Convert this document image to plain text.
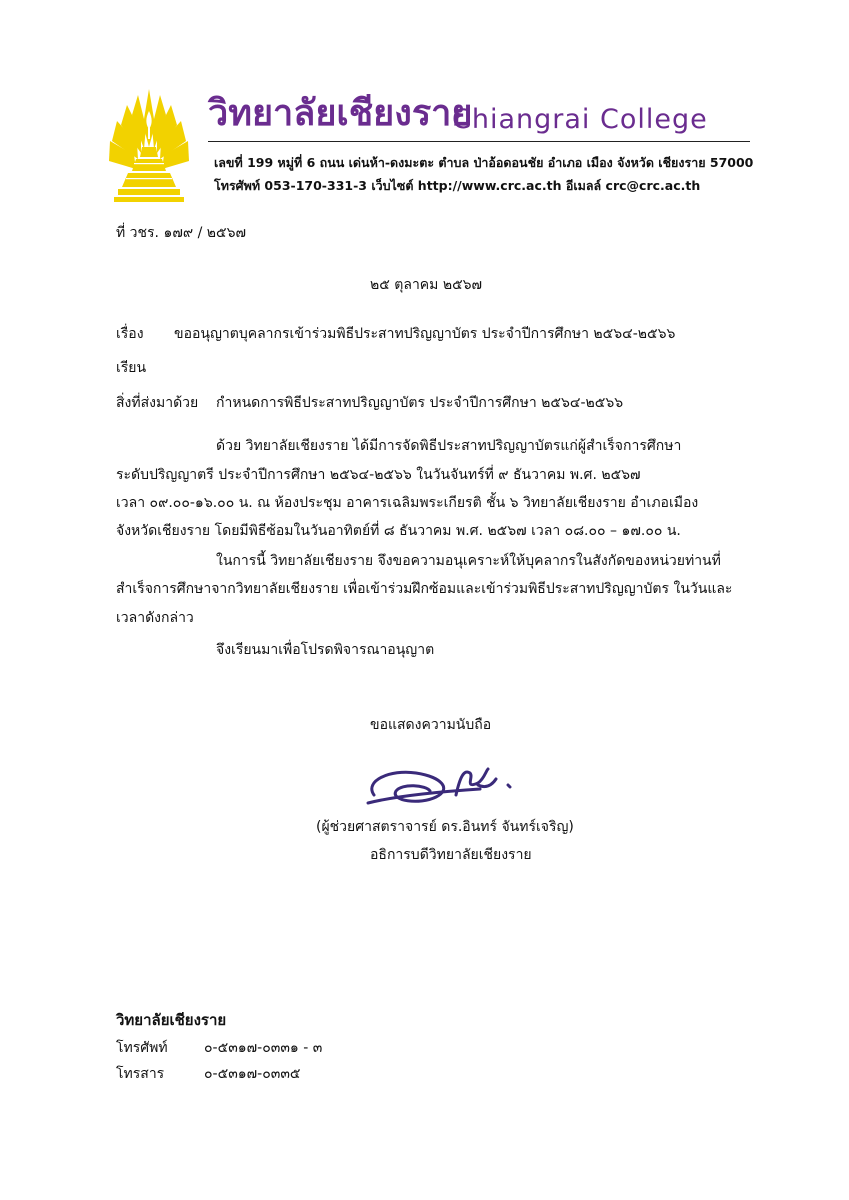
วิทยาลัยเชียงราย
Chiangrai College
เลขที่ 199 หมู่ที่ 6 ถนน เด่นห้า-ดงมะตะ ตำบล ป่าอ้อดอนชัย อำเภอ เมือง จังหวัด เชียงราย 57000
โทรศัพท์ 053-170-331-3 เว็บไซต์ http://www.crc.ac.th อีเมลล์ crc@crc.ac.th
ที่ วชร. ๑๗๙ / ๒๕๖๗
๒๕ ตุลาคม ๒๕๖๗
เรื่อง ขออนุญาตบุคลากรเข้าร่วมพิธีประสาทปริญญาบัตร ประจำปีการศึกษา ๒๕๖๔-๒๕๖๖
เรียน
สิ่งที่ส่งมาด้วย กำหนดการพิธีประสาทปริญญาบัตร ประจำปีการศึกษา ๒๕๖๔-๒๕๖๖
ด้วย วิทยาลัยเชียงราย ได้มีการจัดพิธีประสาทปริญญาบัตรแก่ผู้สำเร็จการศึกษา
ระดับปริญญาตรี ประจำปีการศึกษา ๒๕๖๔-๒๕๖๖ ในวันจันทร์ที่ ๙ ธันวาคม พ.ศ. ๒๕๖๗
เวลา ๐๙.๐๐-๑๖.๐๐ น. ณ ห้องประชุม อาคารเฉลิมพระเกียรติ ชั้น ๖ วิทยาลัยเชียงราย อำเภอเมือง
จังหวัดเชียงราย โดยมีพิธีซ้อมในวันอาทิตย์ที่ ๘ ธันวาคม พ.ศ. ๒๕๖๗ เวลา ๐๘.๐๐ – ๑๗.๐๐ น.
ในการนี้ วิทยาลัยเชียงราย จึงขอความอนุเคราะห์ให้บุคลากรในสังกัดของหน่วยท่านที่
สำเร็จการศึกษาจากวิทยาลัยเชียงราย เพื่อเข้าร่วมฝึกซ้อมและเข้าร่วมพิธีประสาทปริญญาบัตร ในวันและ
เวลาดังกล่าว
จึงเรียนมาเพื่อโปรดพิจารณาอนุญาต
ขอแสดงความนับถือ
(ผู้ช่วยศาสตราจารย์ ดร.อินทร์ จันทร์เจริญ)
อธิการบดีวิทยาลัยเชียงราย
วิทยาลัยเชียงราย
โทรศัพท์	๐-๕๓๑๗-๐๓๓๑ - ๓
โทรสาร	๐-๕๓๑๗-๐๓๓๕
